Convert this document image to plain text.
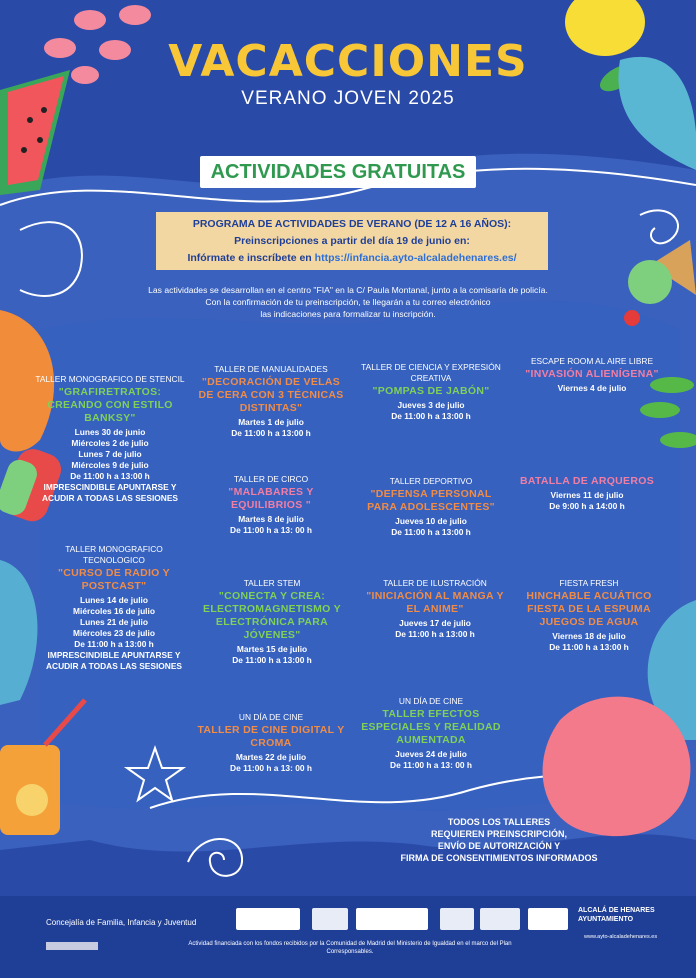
VACACCIONES
VERANO JOVEN 2025
ACTIVIDADES GRATUITAS
PROGRAMA DE ACTIVIDADES DE VERANO (DE 12 A 16 AÑOS):
Preinscripciones a partir del día 19 de junio en:
Infórmate e inscríbete en https://infancia.ayto-alcaladehenares.es/
Las actividades se desarrollan en el centro "FIA" en la C/ Paula Montanal, junto a la comisaría de policía.
Con la confirmación de tu preinscripción, te llegarán a tu correo electrónico
las indicaciones para formalizar tu inscripción.
TALLER MONOGRAFICO DE STENCIL
"GRAFIRETRATOS: CREANDO CON ESTILO BANKSY"
Lunes 30 de junio
Miércoles 2 de julio
Lunes 7 de julio
Miércoles 9 de julio
De 11:00 h a 13:00 h
IMPRESCINDIBLE APUNTARSE Y ACUDIR A TODAS LAS SESIONES
TALLER DE MANUALIDADES
"DECORACIÓN DE VELAS DE CERA CON 3 TÉCNICAS DISTINTAS"
Martes 1 de julio
De 11:00 h a 13:00 h
TALLER DE CIENCIA Y EXPRESIÓN CREATIVA
"POMPAS DE JABÓN"
Jueves 3 de julio
De 11:00 h a 13:00 h
ESCAPE ROOM AL AIRE LIBRE
"INVASIÓN ALIENÍGENA"
Viernes 4 de julio
TALLER DE CIRCO
"MALABARES Y EQUILIBRIOS "
Martes 8 de julio
De 11:00 h a 13: 00 h
TALLER DEPORTIVO
"DEFENSA PERSONAL PARA ADOLESCENTES"
Jueves 10 de julio
De 11:00 h a 13:00 h
BATALLA DE ARQUEROS
Viernes 11 de julio
De 9:00 h a 14:00 h
TALLER MONOGRAFICO TECNOLOGICO
"CURSO DE RADIO Y POSTCAST"
Lunes 14 de julio
Miércoles 16 de julio
Lunes 21 de julio
Miércoles 23 de julio
De 11:00 h a 13:00 h
IMPRESCINDIBLE APUNTARSE Y ACUDIR A TODAS LAS SESIONES
TALLER STEM
"CONECTA Y CREA: ELECTROMAGNETISMO Y ELECTRÓNICA PARA JÓVENES"
Martes 15 de julio
De 11:00 h a 13:00 h
TALLER DE ILUSTRACIÓN
"INICIACIÓN AL MANGA Y EL ANIME"
Jueves 17 de julio
De 11:00 h a 13:00 h
FIESTA FRESH
HINCHABLE ACUÁTICO FIESTA DE LA ESPUMA JUEGOS DE AGUA
Viernes 18 de julio
De 11:00 h a 13:00 h
UN DÍA DE CINE
TALLER DE CINE DIGITAL Y CROMA
Martes 22 de julio
De 11:00 h a 13: 00 h
UN DÍA DE CINE
TALLER EFECTOS ESPECIALES Y REALIDAD AUMENTADA
Jueves 24 de julio
De 11:00 h a 13: 00 h
TODOS LOS TALLERES
REQUIEREN PREINSCRIPCIÓN,
ENVÍO DE AUTORIZACIÓN Y
FIRMA DE CONSENTIMIENTOS INFORMADOS
Concejalía de Familia, Infancia y Juventud
ALCALÁ DE HENARES
AYUNTAMIENTO
www.ayto-alcaladehenares.es
Actividad financiada con los fondos recibidos por la Comunidad de Madrid del Ministerio de Igualdad en el marco del Plan Corresponsables.
